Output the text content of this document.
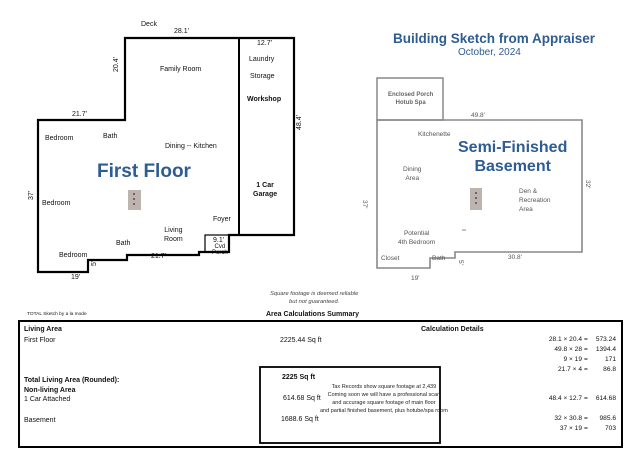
Building Sketch from Appraiser
October, 2024
First Floor
Deck
28.1'
12.7'
Family Room
20.4'
21.7'
Laundry
Storage
Workshop
48.4'
1 Car
Garage
Bedroom	Bath
Dining -- Kitchen
37'
Bedroom
Foyer
Living
Room
Bath	9.1'
Cvd
Porch
Bedroom	21.7'
5'
19'
Enclosed Porch
Hotub Spa
49.8'
Kitchenette
Semi-Finished
Basement
Dining
Area
Den &
Recreation
Area
37'
32'
Potential
4th Bedroom
Closet	Bath
5'
30.8'
19'
Square footage is deemed reliable
but not guaranteed.
TOTAL Sketch by a la mode	Area Calculations Summary
Living Area	Calculation Details
First Floor	2225.44 Sq ft	28.1 × 20.4 =	573.24
49.8 × 28 =	1394.4
9 × 19 =	171
21.7 × 4 =	86.8
Total Living Area (Rounded):	2225 Sq ft
Non-living Area	Tax Records show square footage at 2,439
Coming soon we will have a professional scan
and accurage square footage of main floor
and partial finished basement, plus hotube/spa room
1 Car Attached	614.68 Sq ft	48.4 × 12.7 =	614.68
Basement	1688.6 Sq ft	32 × 30.8 =	985.6
37 × 19 =	703
